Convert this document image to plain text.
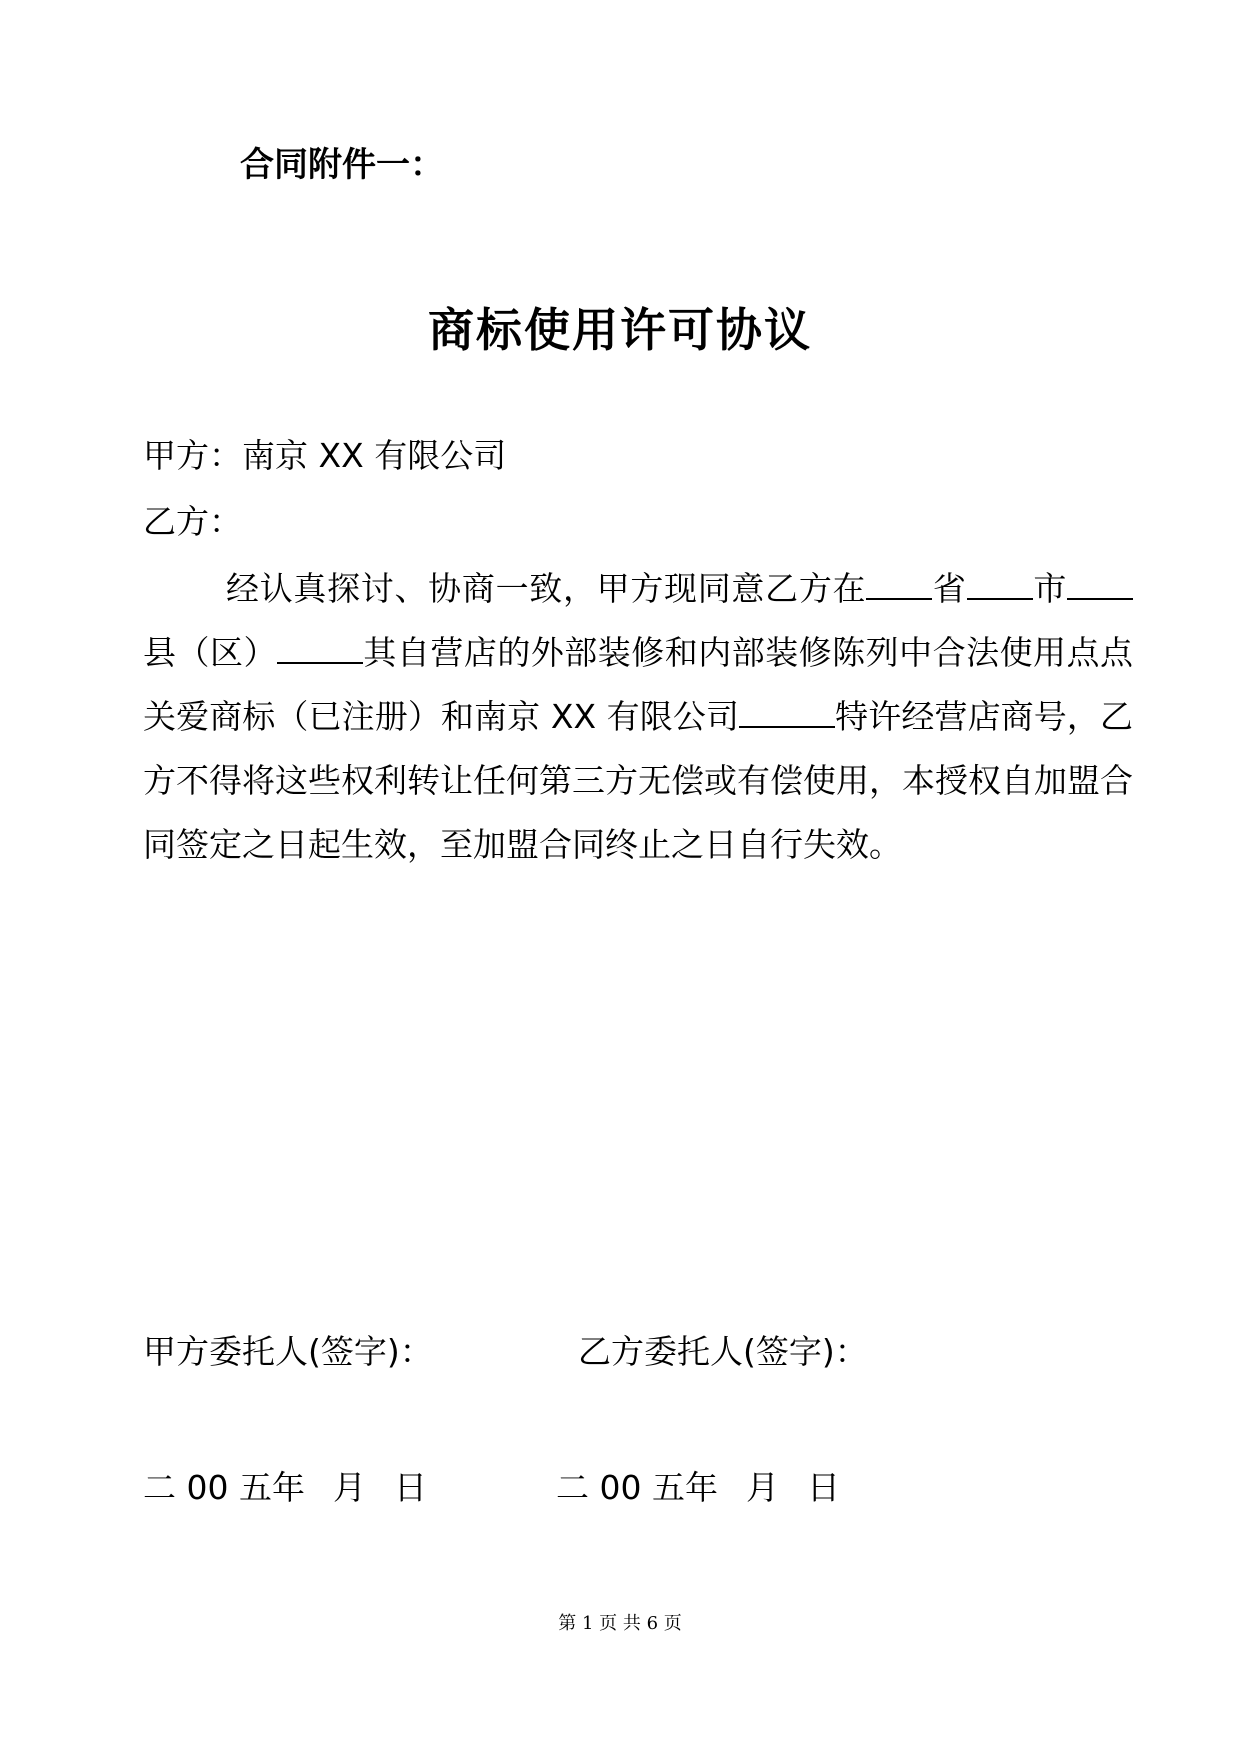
合同附件一：
商标使用许可协议
甲方：南京 XX 有限公司
乙方：
经认真探讨、协商一致，甲方现同意乙方在 省 市县（区）	其自营店的外部装修和内部装修陈列中合法使用点点关爱商标（已注册）和南京 XX 有限公司	特许经营店商号，乙方不得将这些权利转让任何第三方无偿或有偿使用，本授权自加盟合同签定之日起生效，至加盟合同终止之日自行失效。
甲方委托人(签字)：	乙方委托人(签字)：
二 00 五年 月 日	二 00 五年 月 日
第 1 页 共 6 页
